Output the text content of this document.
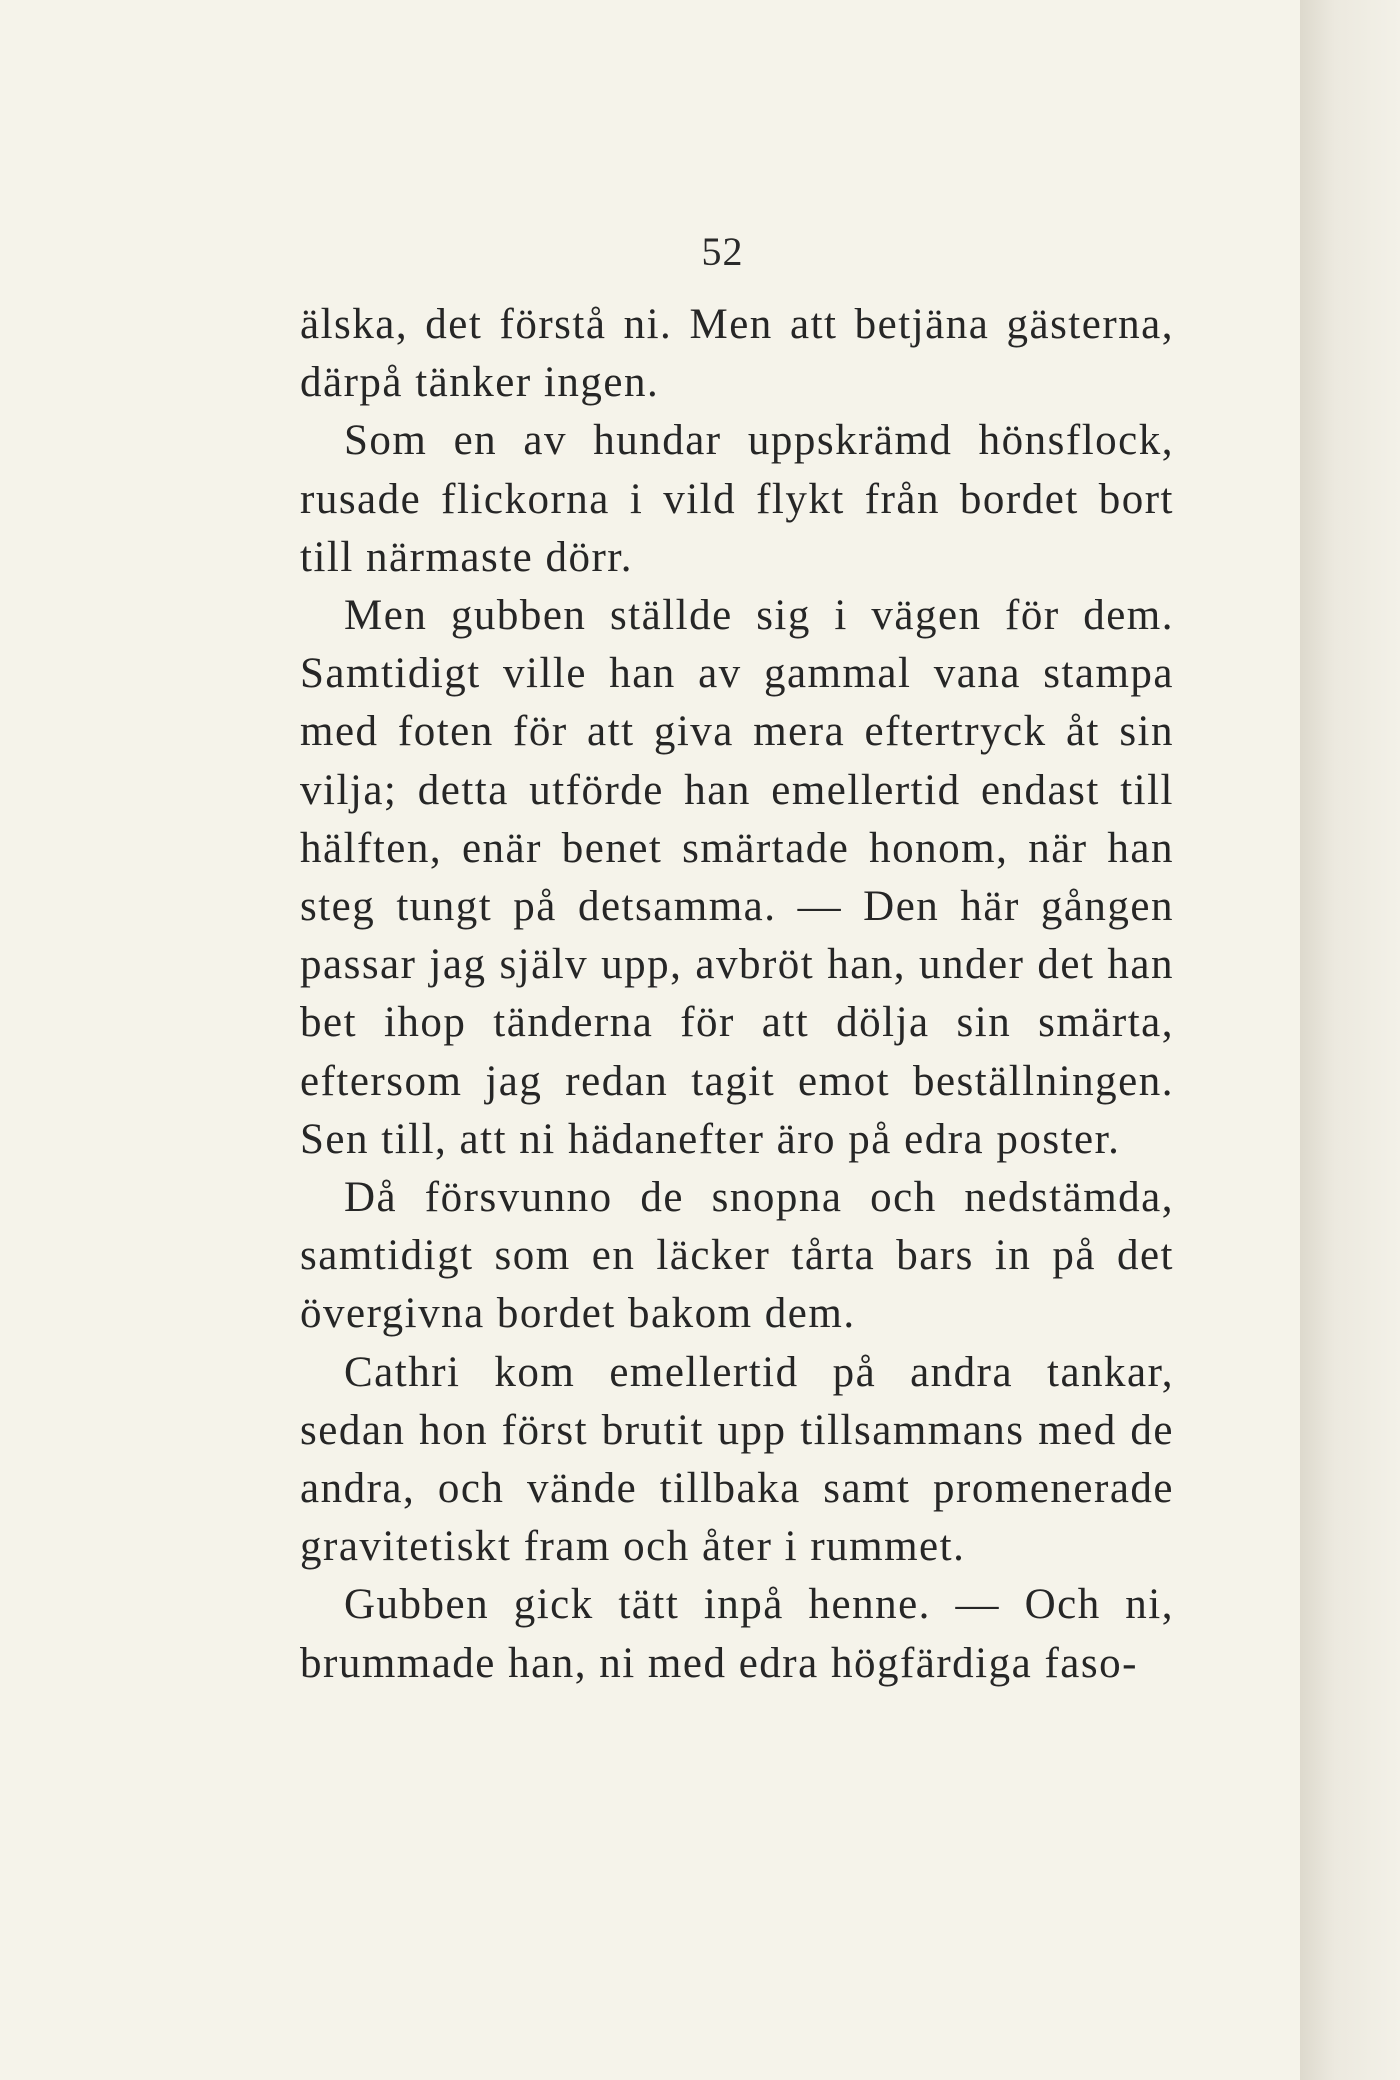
52

älska, det förstå ni. Men att betjäna gästerna, därpå tänker ingen.

Som en av hundar uppskrämd hönsflock, rusade flickorna i vild flykt från bordet bort till närmaste dörr.

Men gubben ställde sig i vägen för dem. Samtidigt ville han av gammal vana stampa med foten för att giva mera eftertryck åt sin vilja; detta utförde han emellertid endast till hälften, enär benet smärtade honom, när han steg tungt på detsamma. — Den här gången passar jag själv upp, avbröt han, under det han bet ihop tänderna för att dölja sin smärta, eftersom jag redan tagit emot beställningen. Sen till, att ni hädanefter äro på edra poster.

Då försvunno de snopna och nedstämda, samtidigt som en läcker tårta bars in på det övergivna bordet bakom dem.

Cathri kom emellertid på andra tankar, sedan hon först brutit upp tillsammans med de andra, och vände tillbaka samt promenerade gravitetiskt fram och åter i rummet.

Gubben gick tätt inpå henne. — Och ni, brummade han, ni med edra högfärdiga faso-
